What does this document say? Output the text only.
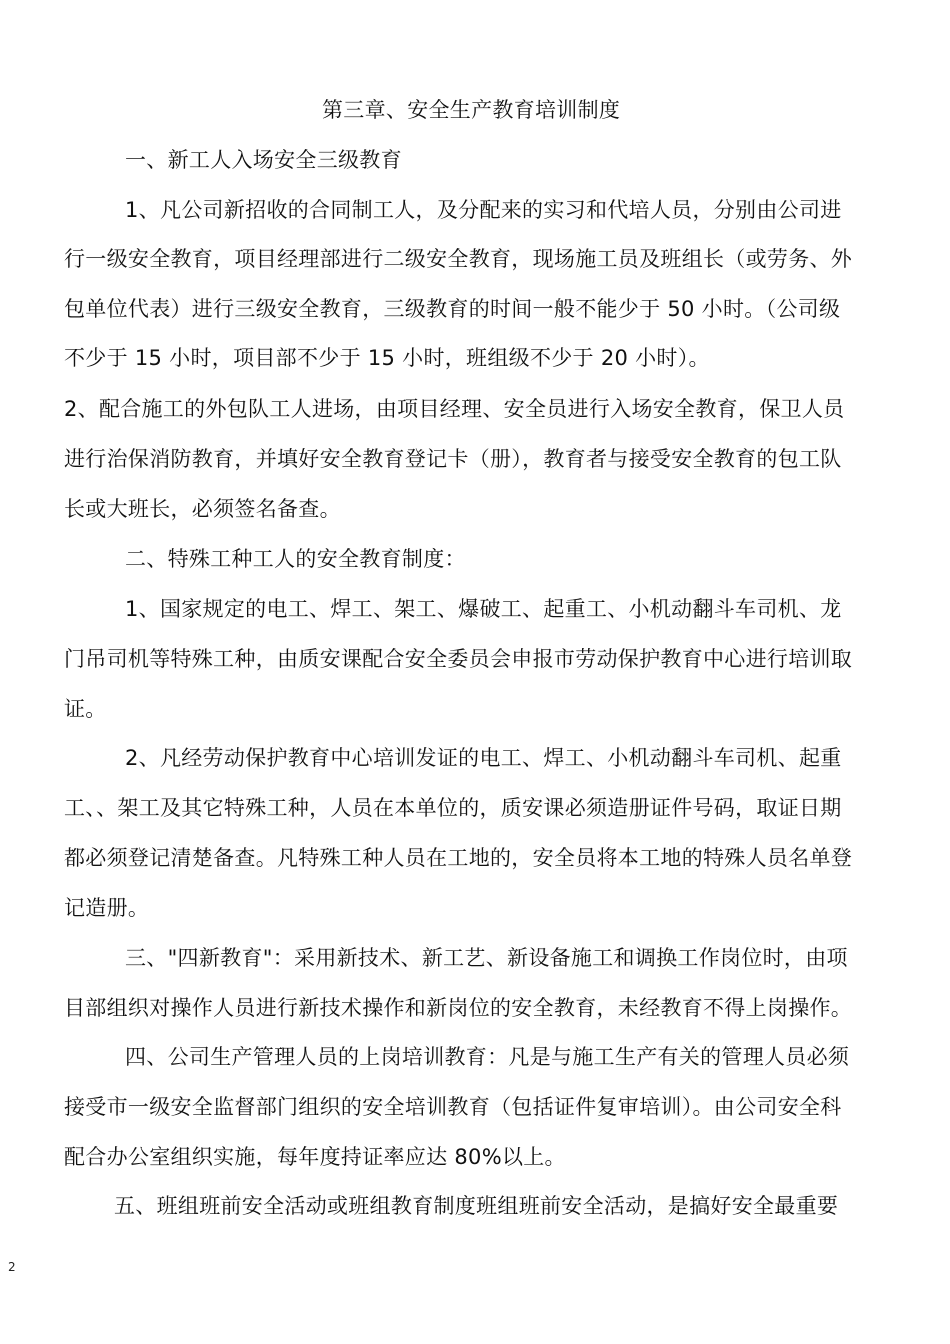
第三章、安全生产教育培训制度

一、新工人入场安全三级教育

1、凡公司新招收的合同制工人，及分配来的实习和代培人员，分别由公司进

行一级安全教育，项目经理部进行二级安全教育，现场施工员及班组长（或劳务、外

包单位代表）进行三级安全教育，三级教育的时间一般不能少于 50 小时。（公司级

不少于 15 小时，项目部不少于 15 小时，班组级不少于 20 小时）。

2、配合施工的外包队工人进场，由项目经理、安全员进行入场安全教育，保卫人员

进行治保消防教育，并填好安全教育登记卡（册），教育者与接受安全教育的包工队

长或大班长，必须签名备查。

二、特殊工种工人的安全教育制度：

1、国家规定的电工、焊工、架工、爆破工、起重工、小机动翻斗车司机、龙

门吊司机等特殊工种，由质安课配合安全委员会申报市劳动保护教育中心进行培训取

证。

2、凡经劳动保护教育中心培训发证的电工、焊工、小机动翻斗车司机、起重

工、、架工及其它特殊工种，人员在本单位的，质安课必须造册证件号码，取证日期

都必须登记清楚备查。凡特殊工种人员在工地的，安全员将本工地的特殊人员名单登

记造册。

三、"四新教育"：采用新技术、新工艺、新设备施工和调换工作岗位时，由项

目部组织对操作人员进行新技术操作和新岗位的安全教育，未经教育不得上岗操作。

四、公司生产管理人员的上岗培训教育：凡是与施工生产有关的管理人员必须

接受市一级安全监督部门组织的安全培训教育（包括证件复审培训）。由公司安全科

配合办公室组织实施，每年度持证率应达 80%以上。

五、班组班前安全活动或班组教育制度班组班前安全活动，是搞好安全最重要

2
